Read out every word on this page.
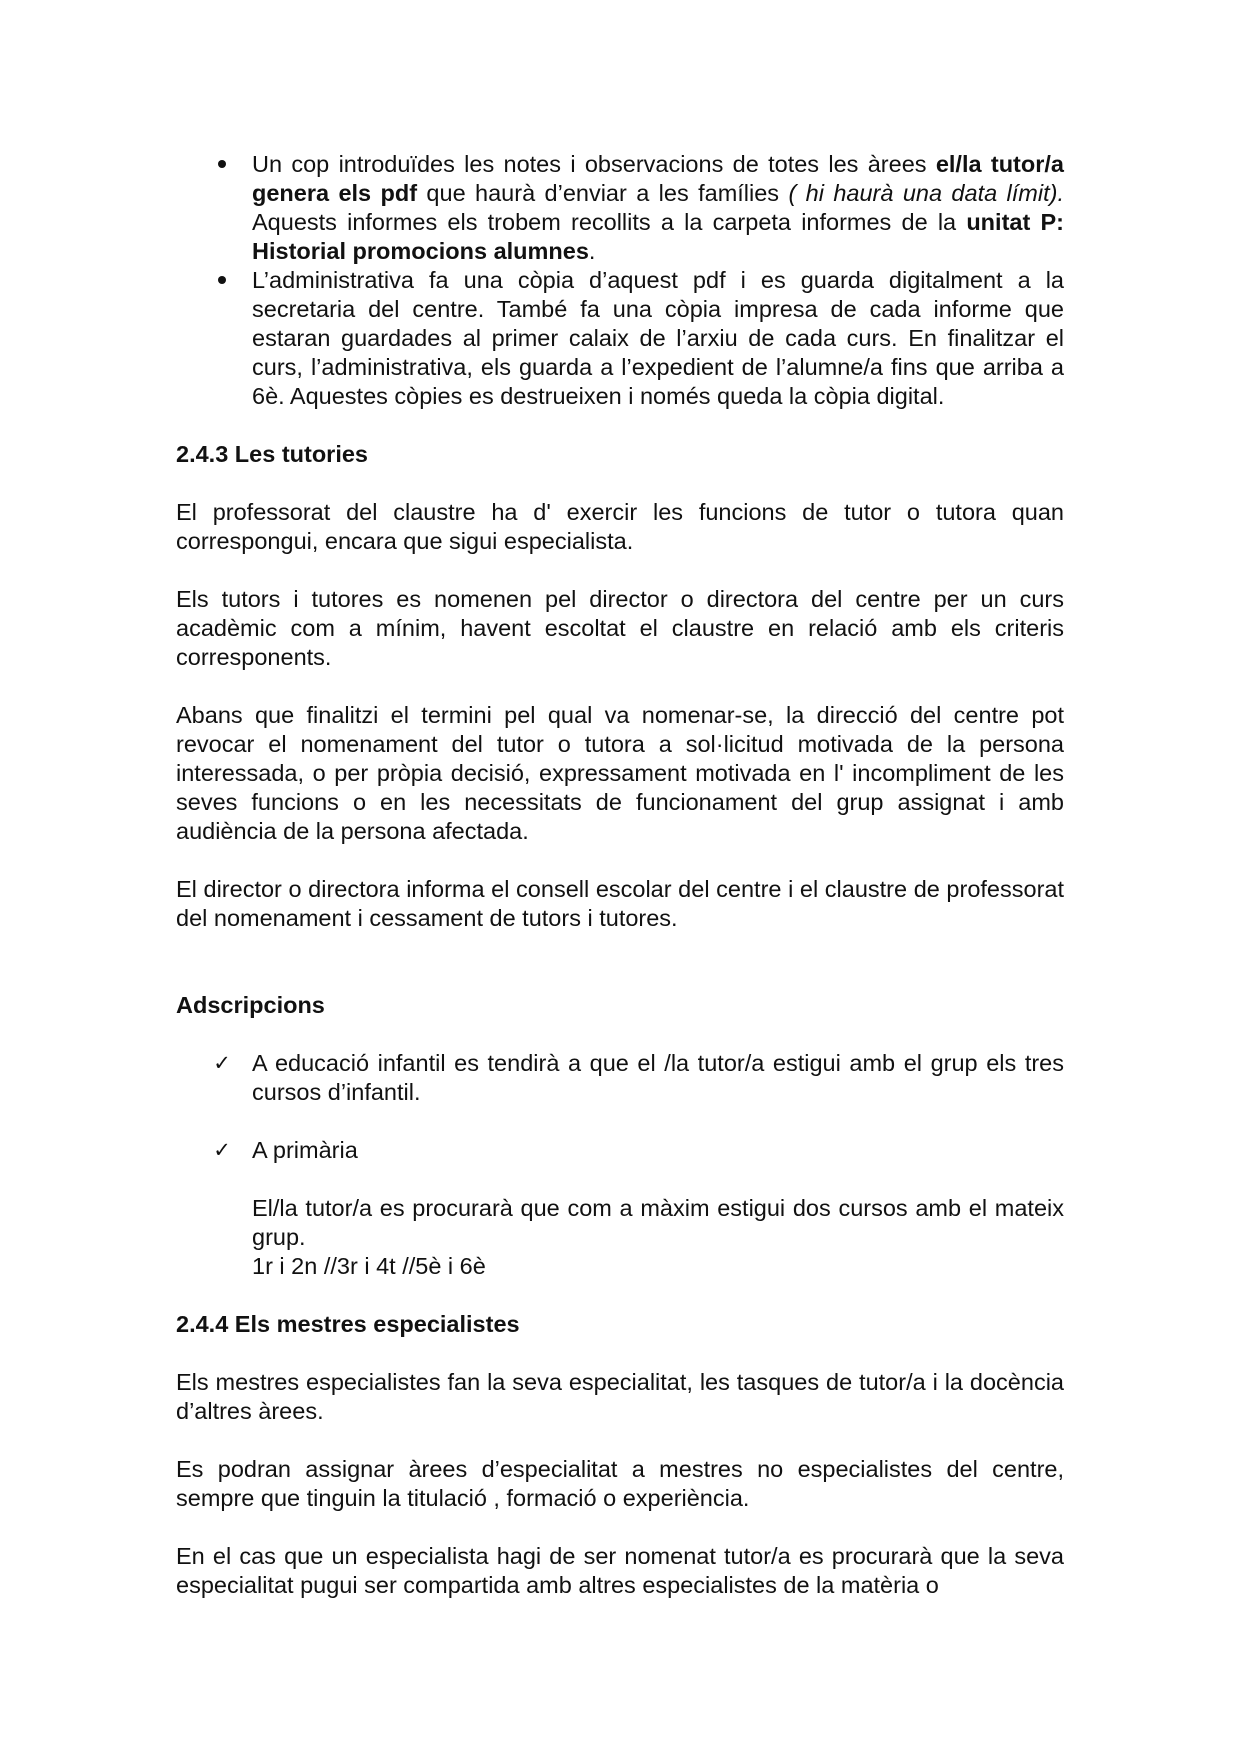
Un cop introduïdes les notes i observacions de totes les àrees el/la tutor/a genera els pdf que haurà d’enviar a les famílies ( hi haurà una data límit). Aquests informes els trobem recollits a la carpeta informes de la unitat P: Historial promocions alumnes.
L’administrativa fa una còpia d’aquest pdf i es guarda digitalment a la secretaria del centre. També fa una còpia impresa de cada informe que estaran guardades al primer calaix de l’arxiu de cada curs. En finalitzar el curs, l’administrativa, els guarda a l’expedient de l’alumne/a fins que arriba a 6è. Aquestes còpies es destrueixen i només queda la còpia digital.

2.4.3 Les tutories

El professorat del claustre ha d' exercir les funcions de tutor o tutora quan correspongui, encara que sigui especialista.

Els tutors i tutores es nomenen pel director o directora del centre per un curs acadèmic com a mínim, havent escoltat el claustre en relació amb els criteris corresponents.

Abans que finalitzi el termini pel qual va nomenar-se, la direcció del centre pot revocar el nomenament del tutor o tutora a sol·licitud motivada de la persona interessada, o per pròpia decisió, expressament motivada en l' incompliment de les seves funcions o en les necessitats de funcionament del grup assignat i amb audiència de la persona afectada.

El director o directora informa el consell escolar del centre i el claustre de professorat del nomenament i cessament de tutors i tutores.

Adscripcions

✓ A educació infantil es tendirà a que el /la tutor/a estigui amb el grup els tres cursos d’infantil.
✓ A primària

El/la tutor/a es procurarà que com a màxim estigui dos cursos amb el mateix grup.

1r i 2n //3r i 4t //5è i 6è

2.4.4 Els mestres especialistes

Els mestres especialistes fan la seva especialitat, les tasques de tutor/a i la docència d’altres àrees.

Es podran assignar àrees d’especialitat a mestres no especialistes del centre, sempre que tinguin la titulació , formació o experiència.

En el cas que un especialista hagi de ser nomenat tutor/a es procurarà que la seva especialitat pugui ser compartida amb altres especialistes de la matèria o
